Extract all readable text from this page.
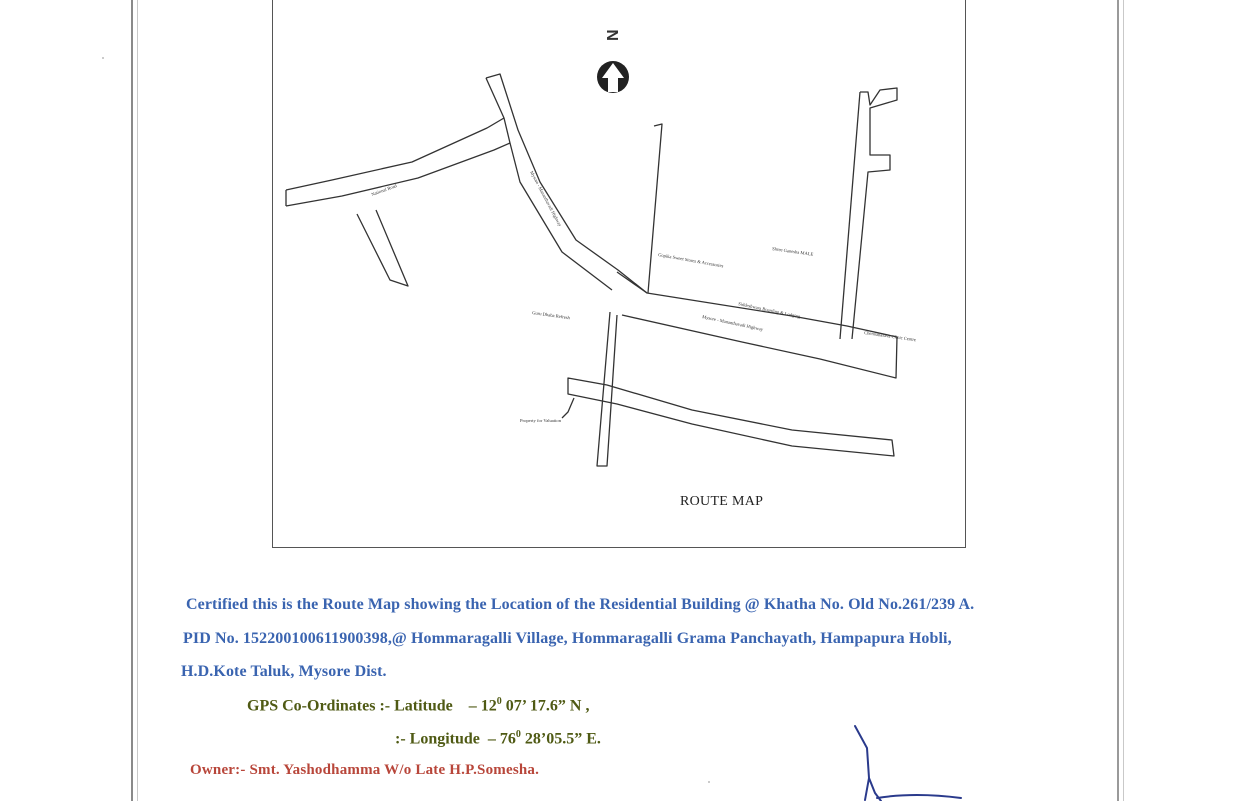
N
National Road	Mysore - Mananthavadi Highway
Gopika Sweet Stores & Accessories
Shree Ganesha MALE
Siddeshwara Boarding & Lodging
Mysore - Mananthavadi Highway
Chennabasava Clinic Centre
Guru Dhaba Refresh
Property for Valuation
ROUTE MAP
Certified this is the Route Map showing the Location of the Residential Building @ Khatha No. Old No.261/239 A.
PID No. 152200100611900398,@ Hommaragalli Village, Hommaragalli Grama Panchayath, Hampapura Hobli,
H.D.Kote Taluk, Mysore Dist.
GPS Co-Ordinates :- Latitude – $12^0$ 07’ 17.6” N ,
:- Longitude – $76^0$ 28’05.5” E.
Owner:- Smt. Yashodhamma W/o Late H.P.Somesha.
